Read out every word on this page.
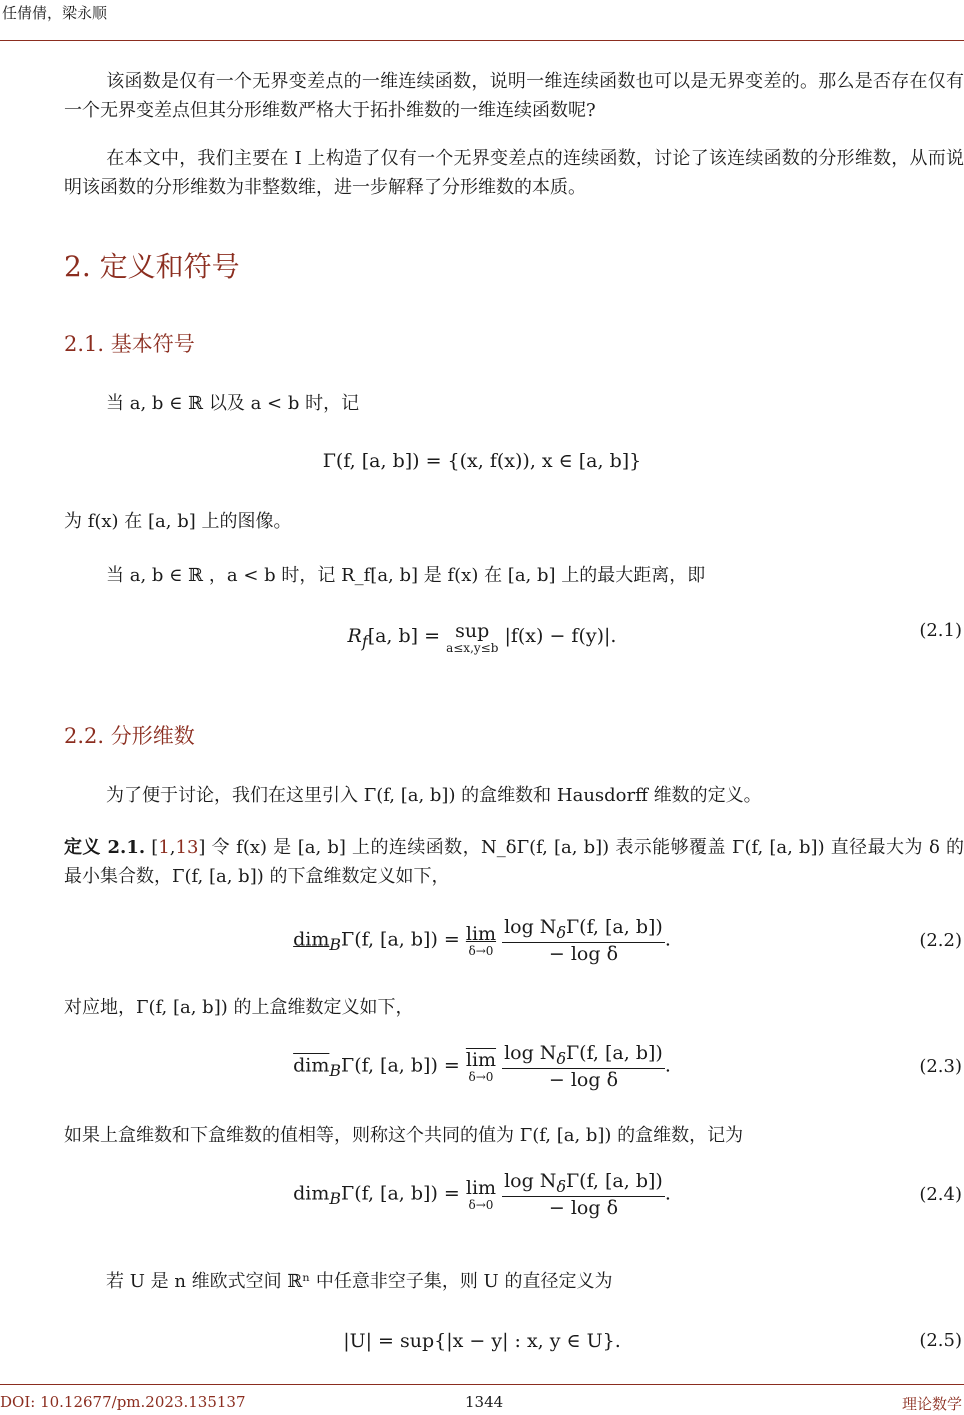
任倩倩，梁永顺
该函数是仅有一个无界变差点的一维连续函数，说明一维连续函数也可以是无界变差的。那么是否存在仅有一个无界变差点但其分形维数严格大于拓扑维数的一维连续函数呢?
在本文中，我们主要在 I 上构造了仅有一个无界变差点的连续函数，讨论了该连续函数的分形维数，从而说明该函数的分形维数为非整数维，进一步解释了分形维数的本质。
2. 定义和符号
2.1. 基本符号
当 a, b ∈ ℝ 以及 a < b 时，记
Γ(f, [a, b]) = {(x, f(x)), x ∈ [a, b]}
为 f(x) 在 [a, b] 上的图像。
当 a, b ∈ ℝ ，a < b 时，记 R_f[a, b] 是 f(x) 在 [a, b] 上的最大距离，即
$R_f[a$, b] = sup
a≤x,y≤b
|f(x) − f(y)|.	(2.1)
2.2. 分形维数
为了便于讨论，我们在这里引入 Γ(f, [a, b]) 的盒维数和 Hausdorff 维数的定义。
定义 2.1. [1,13] 令 f(x) 是 [a, b] 上的连续函数，N_δΓ(f, [a, b]) 表示能够覆盖 Γ(f, [a, b]) 直径最大为 δ 的最小集合数，Γ(f, [a, b]) 的下盒维数定义如下，
dim$_B$Γ(f, [a, b]) = lim
δ→0
$\frac{\log N_\delta\Gamma(f, [a, b])}{\text{− log δ}}$ .	(2.2)
对应地，Γ(f, [a, b]) 的上盒维数定义如下，
$\overline{dim}_B\Gamma(f$, [a, $b]) = \overline{lim}$
δ→0
$\frac{\log N_\delta\Gamma(f, [a, b])}{\text{− log δ}}$ .	(2.3)
如果上盒维数和下盒维数的值相等，则称这个共同的值为 Γ(f, [a, b]) 的盒维数，记为
dim$_B$Γ(f, [a, b]) = lim
δ→0
$\frac{\log N_\delta\Gamma(f, [a, b])}{\text{− log δ}}$ .	(2.4)
若 U 是 n 维欧式空间 ℝⁿ 中任意非空子集，则 U 的直径定义为
|U| = sup{|x − y| : x, y ∈ U}.	(2.5)
DOI: 10.12677/pm.2023.135137	1344	理论数学
